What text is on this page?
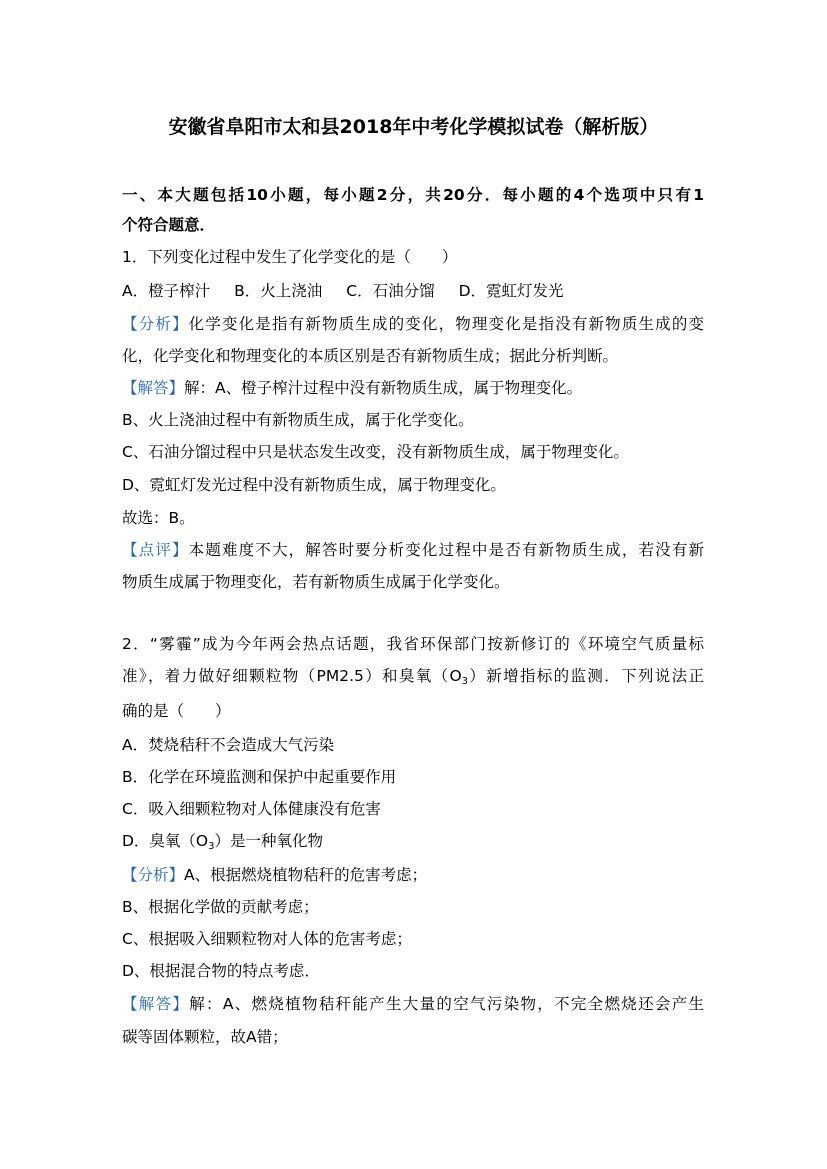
安徽省阜阳市太和县2018年中考化学模拟试卷（解析版）
一、本大题包括10小题，每小题2分，共20分．每小题的4个选项中只有1
个符合题意．
1．下列变化过程中发生了化学变化的是（　　）
A．橙子榨汁 B．火上浇油 C．石油分馏 D．霓虹灯发光
【分析】化学变化是指有新物质生成的变化，物理变化是指没有新物质生成的变
化，化学变化和物理变化的本质区别是否有新物质生成；据此分析判断。
【解答】解：A、橙子榨汁过程中没有新物质生成，属于物理变化。
B、火上浇油过程中有新物质生成，属于化学变化。
C、石油分馏过程中只是状态发生改变，没有新物质生成，属于物理变化。
D、霓虹灯发光过程中没有新物质生成，属于物理变化。
故选：B。
【点评】本题难度不大，解答时要分析变化过程中是否有新物质生成，若没有新
物质生成属于物理变化，若有新物质生成属于化学变化。
2．“雾霾”成为今年两会热点话题，我省环保部门按新修订的《环境空气质量标
准》，着力做好细颗粒物（PM2.5）和臭氧$(O_3)$新增指标的监测．下列说法正
确的是（　　）
A．焚烧秸秆不会造成大气污染
B．化学在环境监测和保护中起重要作用
C．吸入细颗粒物对人体健康没有危害
D．臭氧$(O_3)$是一种氧化物
【分析】A、根据燃烧植物秸秆的危害考虑；
B、根据化学做的贡献考虑；
C、根据吸入细颗粒物对人体的危害考虑；
D、根据混合物的特点考虑．
【解答】解：A、燃烧植物秸秆能产生大量的空气污染物，不完全燃烧还会产生
碳等固体颗粒，故A错；
